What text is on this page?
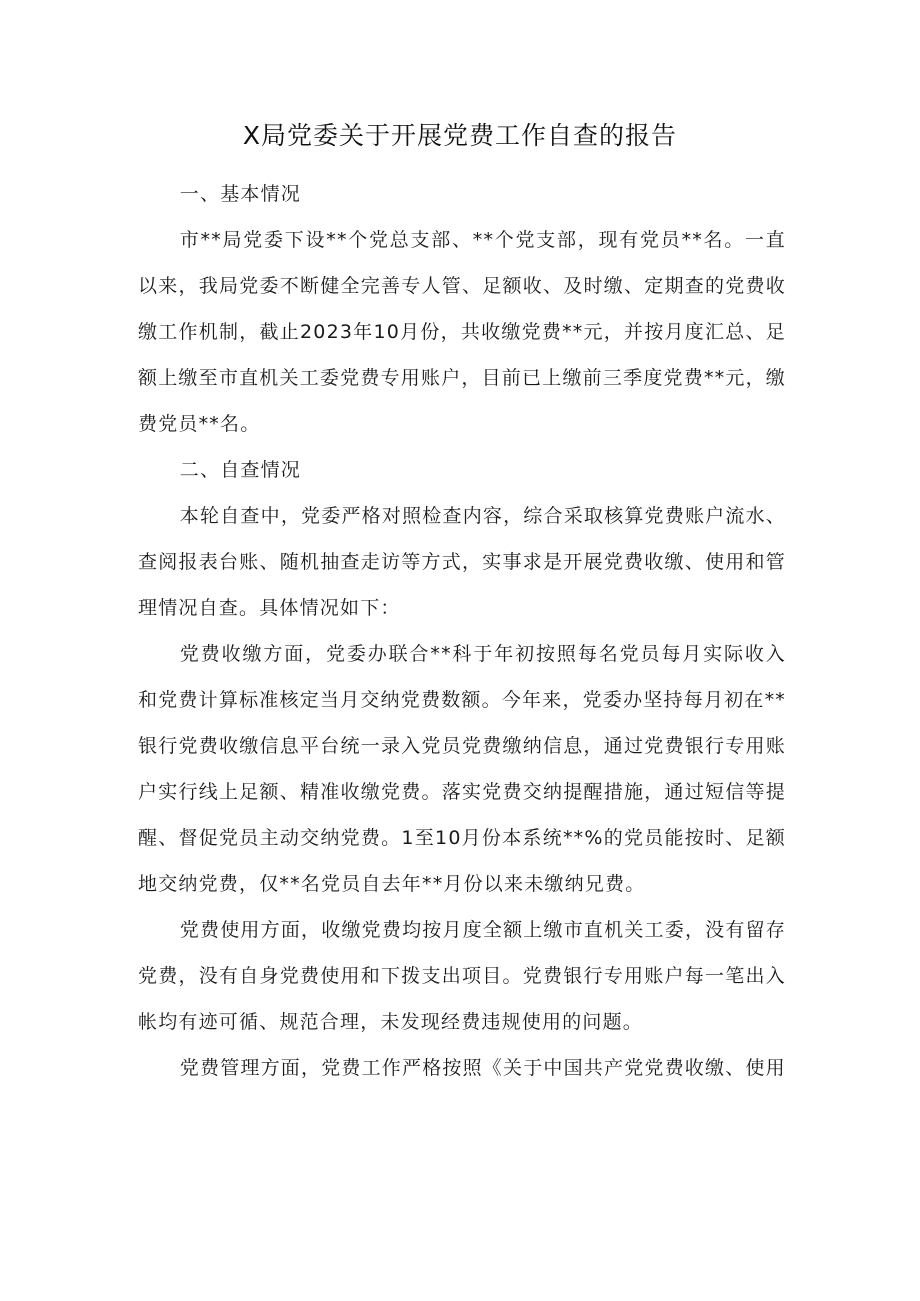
X局党委关于开展党费工作自查的报告

一、基本情况

市**局党委下设**个党总支部、**个党支部，现有党员**名。一直以来，我局党委不断健全完善专人管、足额收、及时缴、定期查的党费收缴工作机制，截止2023年10月份，共收缴党费**元，并按月度汇总、足额上缴至市直机关工委党费专用账户，目前已上缴前三季度党费**元，缴费党员**名。

二、自查情况

本轮自查中，党委严格对照检查内容，综合采取核算党费账户流水、查阅报表台账、随机抽查走访等方式，实事求是开展党费收缴、使用和管理情况自查。具体情况如下：

党费收缴方面，党委办联合**科于年初按照每名党员每月实际收入和党费计算标准核定当月交纳党费数额。今年来，党委办坚持每月初在**银行党费收缴信息平台统一录入党员党费缴纳信息，通过党费银行专用账户实行线上足额、精准收缴党费。落实党费交纳提醒措施，通过短信等提醒、督促党员主动交纳党费。1至10月份本系统**%的党员能按时、足额地交纳党费，仅**名党员自去年**月份以来未缴纳兄费。

党费使用方面，收缴党费均按月度全额上缴市直机关工委，没有留存党费，没有自身党费使用和下拨支出项目。党费银行专用账户每一笔出入帐均有迹可循、规范合理，未发现经费违规使用的问题。

党费管理方面，党费工作严格按照《关于中国共产党党费收缴、使用
